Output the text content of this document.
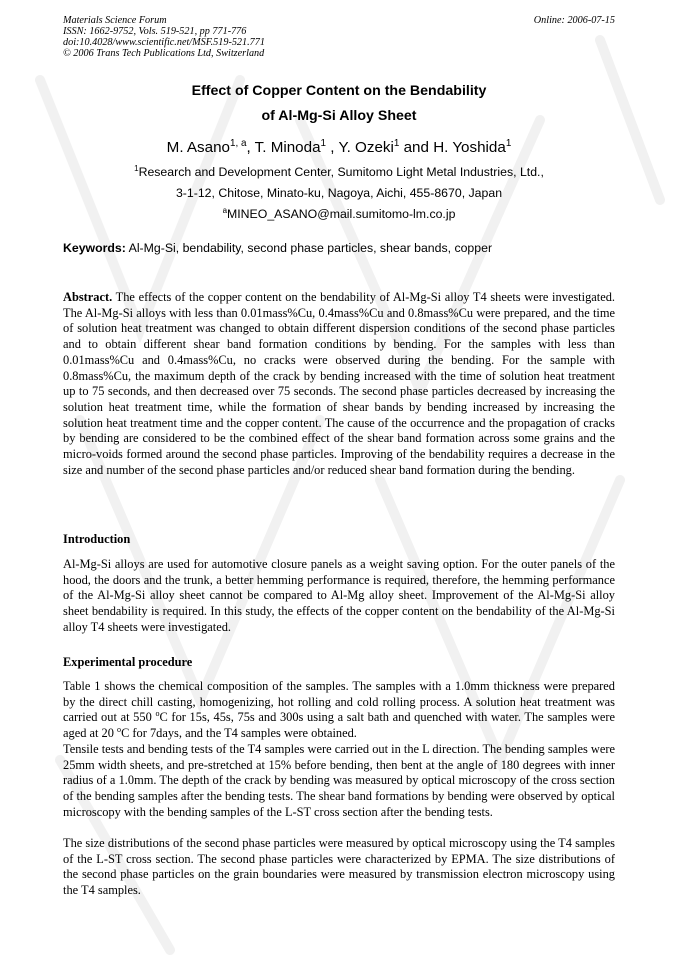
Materials Science Forum
ISSN: 1662-9752, Vols. 519-521, pp 771-776
doi:10.4028/www.scientific.net/MSF.519-521.771
© 2006 Trans Tech Publications Ltd, Switzerland
Online: 2006-07-15
Effect of Copper Content on the Bendability
of Al-Mg-Si Alloy Sheet
M. Asano$^{1, a}$, T. Minoda$^1$ , Y. Ozeki$^1$ and H. Yoshida$^1$
$^1$Research and Development Center, Sumitomo Light Metal Industries, Ltd.,
3-1-12, Chitose, Minato-ku, Nagoya, Aichi, 455-8670, Japan
$^a$MINEO_ASANO@mail.sumitomo-lm.co.jp
Keywords: Al-Mg-Si, bendability, second phase particles, shear bands, copper

Abstract. The effects of the copper content on the bendability of Al-Mg-Si alloy T4 sheets were investigated. The Al-Mg-Si alloys with less than 0.01mass%Cu, 0.4mass%Cu and 0.8mass%Cu were prepared, and the time of solution heat treatment was changed to obtain different dispersion conditions of the second phase particles and to obtain different shear band formation conditions by bending. For the samples with less than 0.01mass%Cu and 0.4mass%Cu, no cracks were observed during the bending. For the sample with 0.8mass%Cu, the maximum depth of the crack by bending increased with the time of solution heat treatment up to 75 seconds, and then decreased over 75 seconds. The second phase particles decreased by increasing the solution heat treatment time, while the formation of shear bands by bending increased by increasing the solution heat treatment time and the copper content. The cause of the occurrence and the propagation of cracks by bending are considered to be the combined effect of the shear band formation across some grains and the micro-voids formed around the second phase particles. Improving of the bendability requires a decrease in the size and number of the second phase particles and/or reduced shear band formation during the bending.

Introduction

Al-Mg-Si alloys are used for automotive closure panels as a weight saving option. For the outer panels of the hood, the doors and the trunk, a better hemming performance is required, therefore, the hemming performance of the Al-Mg-Si alloy sheet cannot be compared to Al-Mg alloy sheet. Improvement of the Al-Mg-Si alloy sheet bendability is required. In this study, the effects of the copper content on the bendability of the Al-Mg-Si alloy T4 sheets were investigated.

Experimental procedure

Table 1 shows the chemical composition of the samples. The samples with a 1.0mm thickness were prepared by the direct chill casting, homogenizing, hot rolling and cold rolling process. A solution heat treatment was carried out at 550 $^o$C for 15s, 45s, 75s and 300s using a salt bath and quenched with water. The samples were aged at 20 $^o$C for 7days, and the T4 samples were obtained.

Tensile tests and bending tests of the T4 samples were carried out in the L direction. The bending samples were 25mm width sheets, and pre-stretched at 15% before bending, then bent at the angle of 180 degrees with inner radius of a 1.0mm. The depth of the crack by bending was measured by optical microscopy of the cross section of the bending samples after the bending tests. The shear band formations by bending were observed by optical microscopy with the bending samples of the L-ST cross section after the bending tests.

The size distributions of the second phase particles were measured by optical microscopy using the T4 samples of the L-ST cross section. The second phase particles were characterized by EPMA. The size distributions of the second phase particles on the grain boundaries were measured by transmission electron microscopy using the T4 samples.
